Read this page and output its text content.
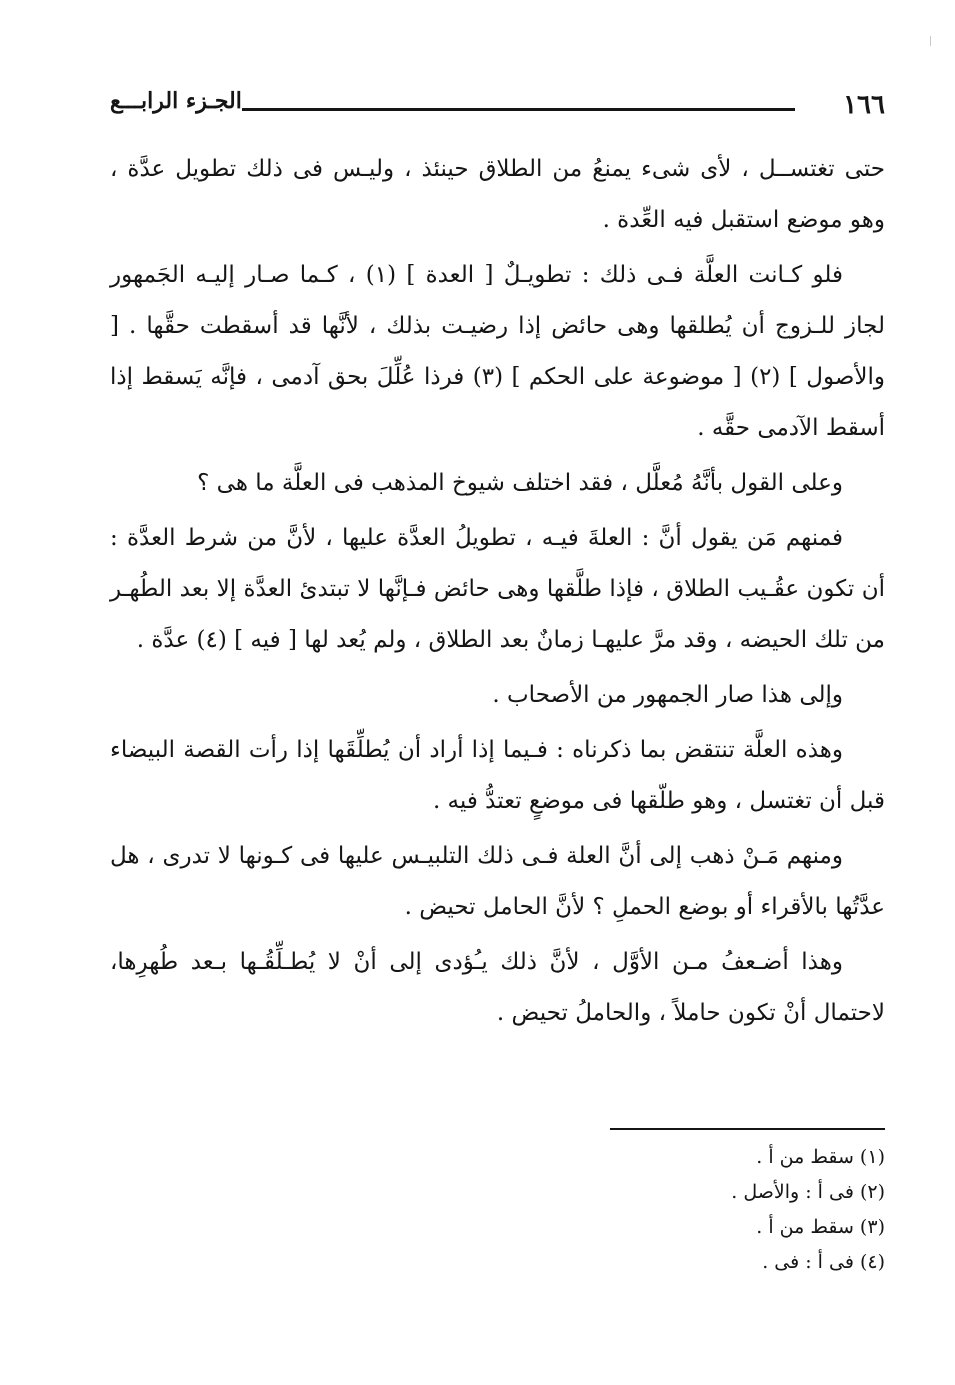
١٦٦
الجـزء الرابـــع

حتى تغتســل ، لأى شىء يمنعُ من الطلاق حينئذ ، وليـس فى ذلك تطويل عدَّة ، وهو موضع استقبل فيه العِّدة .

فلو كـانت العلَّة فـى ذلك : تطويـلٌ [ العدة ] (١) ، كـما صـار إليـه الجَمهور لجاز للـزوج أن يُطلقها وهى حائض إذا رضيـت بذلك ، لأنَّها قد أسقطت حقَّها . [ والأصول ] (٢) [ موضوعة على الحكم ] (٣) فرذا عُلِّلَ بحق آدمى ، فإنَّه يَسقط إذا أسقط الآدمى حقَّه .

وعلى القول بأنَّهُ مُعلَّل ، فقد اختلف شيوخ المذهب فى العلَّة ما هى ؟

فمنهم مَن يقول أنَّ : العلةَ فيـه ، تطويلُ العدَّة عليها ، لأنَّ من شرط العدَّة : أن تكون عقُـيب الطلاق ، فإذا طلَّقها وهى حائض فـإنَّها لا تبتدئ العدَّة إلا بعد الطُهـر من تلك الحيضه ، وقد مرَّ عليهـا زمانٌ بعد الطلاق ، ولم يُعد لها [ فيه ] (٤) عدَّة .

وإلى هذا صار الجمهور من الأصحاب .

وهذه العلَّة تنتقض بما ذكرناه : فـيما إذا أراد أن يُطلِّقَها إذا رأت القصة البيضاء قبل أن تغتسل ، وهو طلّقها فى موضعٍ تعتدُّ فيه .

ومنهم مَـنْ ذهب إلى أنَّ العلة فـى ذلك التلبيـس عليها فى كـونها لا تدرى ، هل عدَّتُها بالأقراء أو بوضع الحملِ ؟ لأنَّ الحامل تحيض .

وهذا أضـعفُ مـن الأوَّل ، لأنَّ ذلك يـُؤدى إلى أنْ لا يُطـلِّقُـها بـعد طُهرِها، لاحتمال أنْ تكون حاملاً ، والحاملُ تحيض .

(١) سقط من أ .
(٢) فى أ : والأصل .
(٣) سقط من أ .
(٤) فى أ : فى .
